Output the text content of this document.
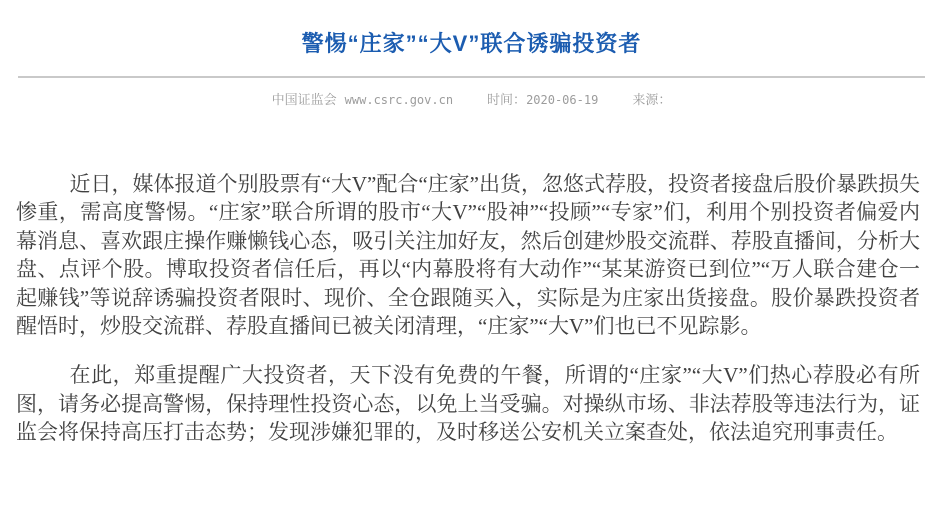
警惕“庄家”“大V”联合诱骗投资者
中国证监会 www.csrc.gov.cn	时间：2020-06-19	来源：

近日，媒体报道个别股票有“大V”配合“庄家”出货，忽悠式荐股，投资者接盘后股价暴跌损失惨重，需高度警惕。“庄家”联合所谓的股市“大V”“股神”“投顾”“专家”们，利用个别投资者偏爱内幕消息、喜欢跟庄操作赚懒钱心态，吸引关注加好友，然后创建炒股交流群、荐股直播间，分析大盘、点评个股。博取投资者信任后，再以“内幕股将有大动作”“某某游资已到位”“万人联合建仓一起赚钱”等说辞诱骗投资者限时、现价、全仓跟随买入，实际是为庄家出货接盘。股价暴跌投资者醒悟时，炒股交流群、荐股直播间已被关闭清理，“庄家”“大V”们也已不见踪影。

在此，郑重提醒广大投资者，天下没有免费的午餐，所谓的“庄家”“大V”们热心荐股必有所图，请务必提高警惕，保持理性投资心态，以免上当受骗。对操纵市场、非法荐股等违法行为，证监会将保持高压打击态势；发现涉嫌犯罪的，及时移送公安机关立案查处，依法追究刑事责任。
